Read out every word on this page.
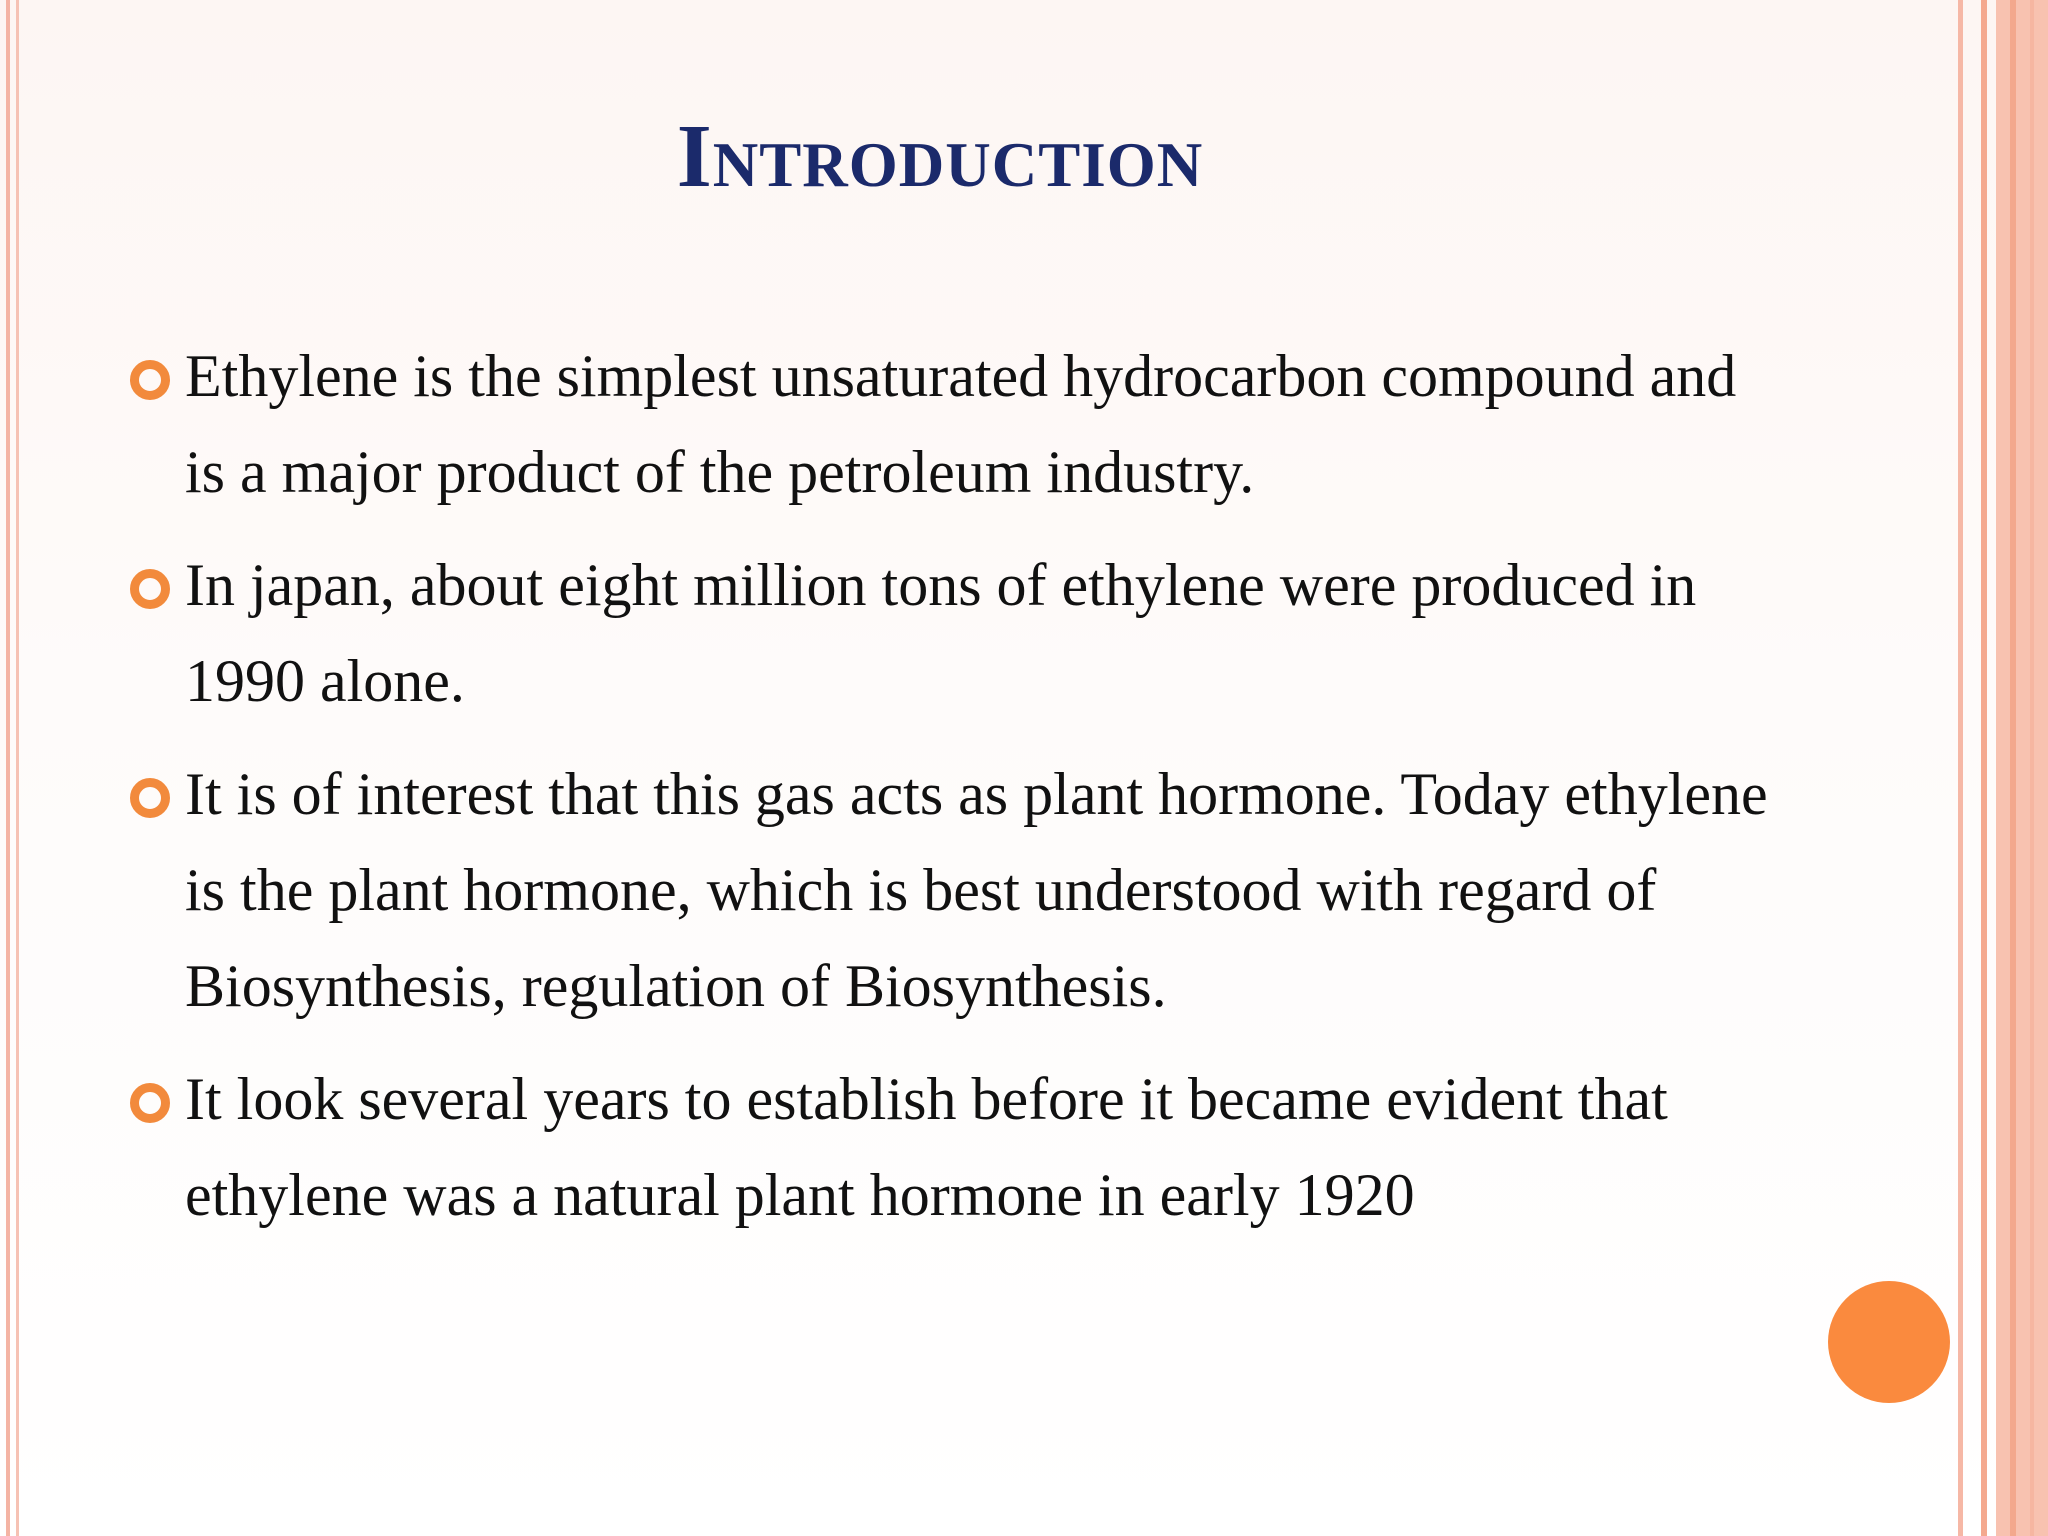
Introduction
Ethylene is the simplest unsaturated hydrocarbon compound and is a major product of the petroleum industry.
In japan, about eight million tons of ethylene were produced in 1990 alone.
It is of interest that this gas acts as plant hormone. Today ethylene is the plant hormone, which is best understood with regard of Biosynthesis, regulation of Biosynthesis.
It look several years to establish before it became evident that ethylene was a natural plant hormone in early 1920
